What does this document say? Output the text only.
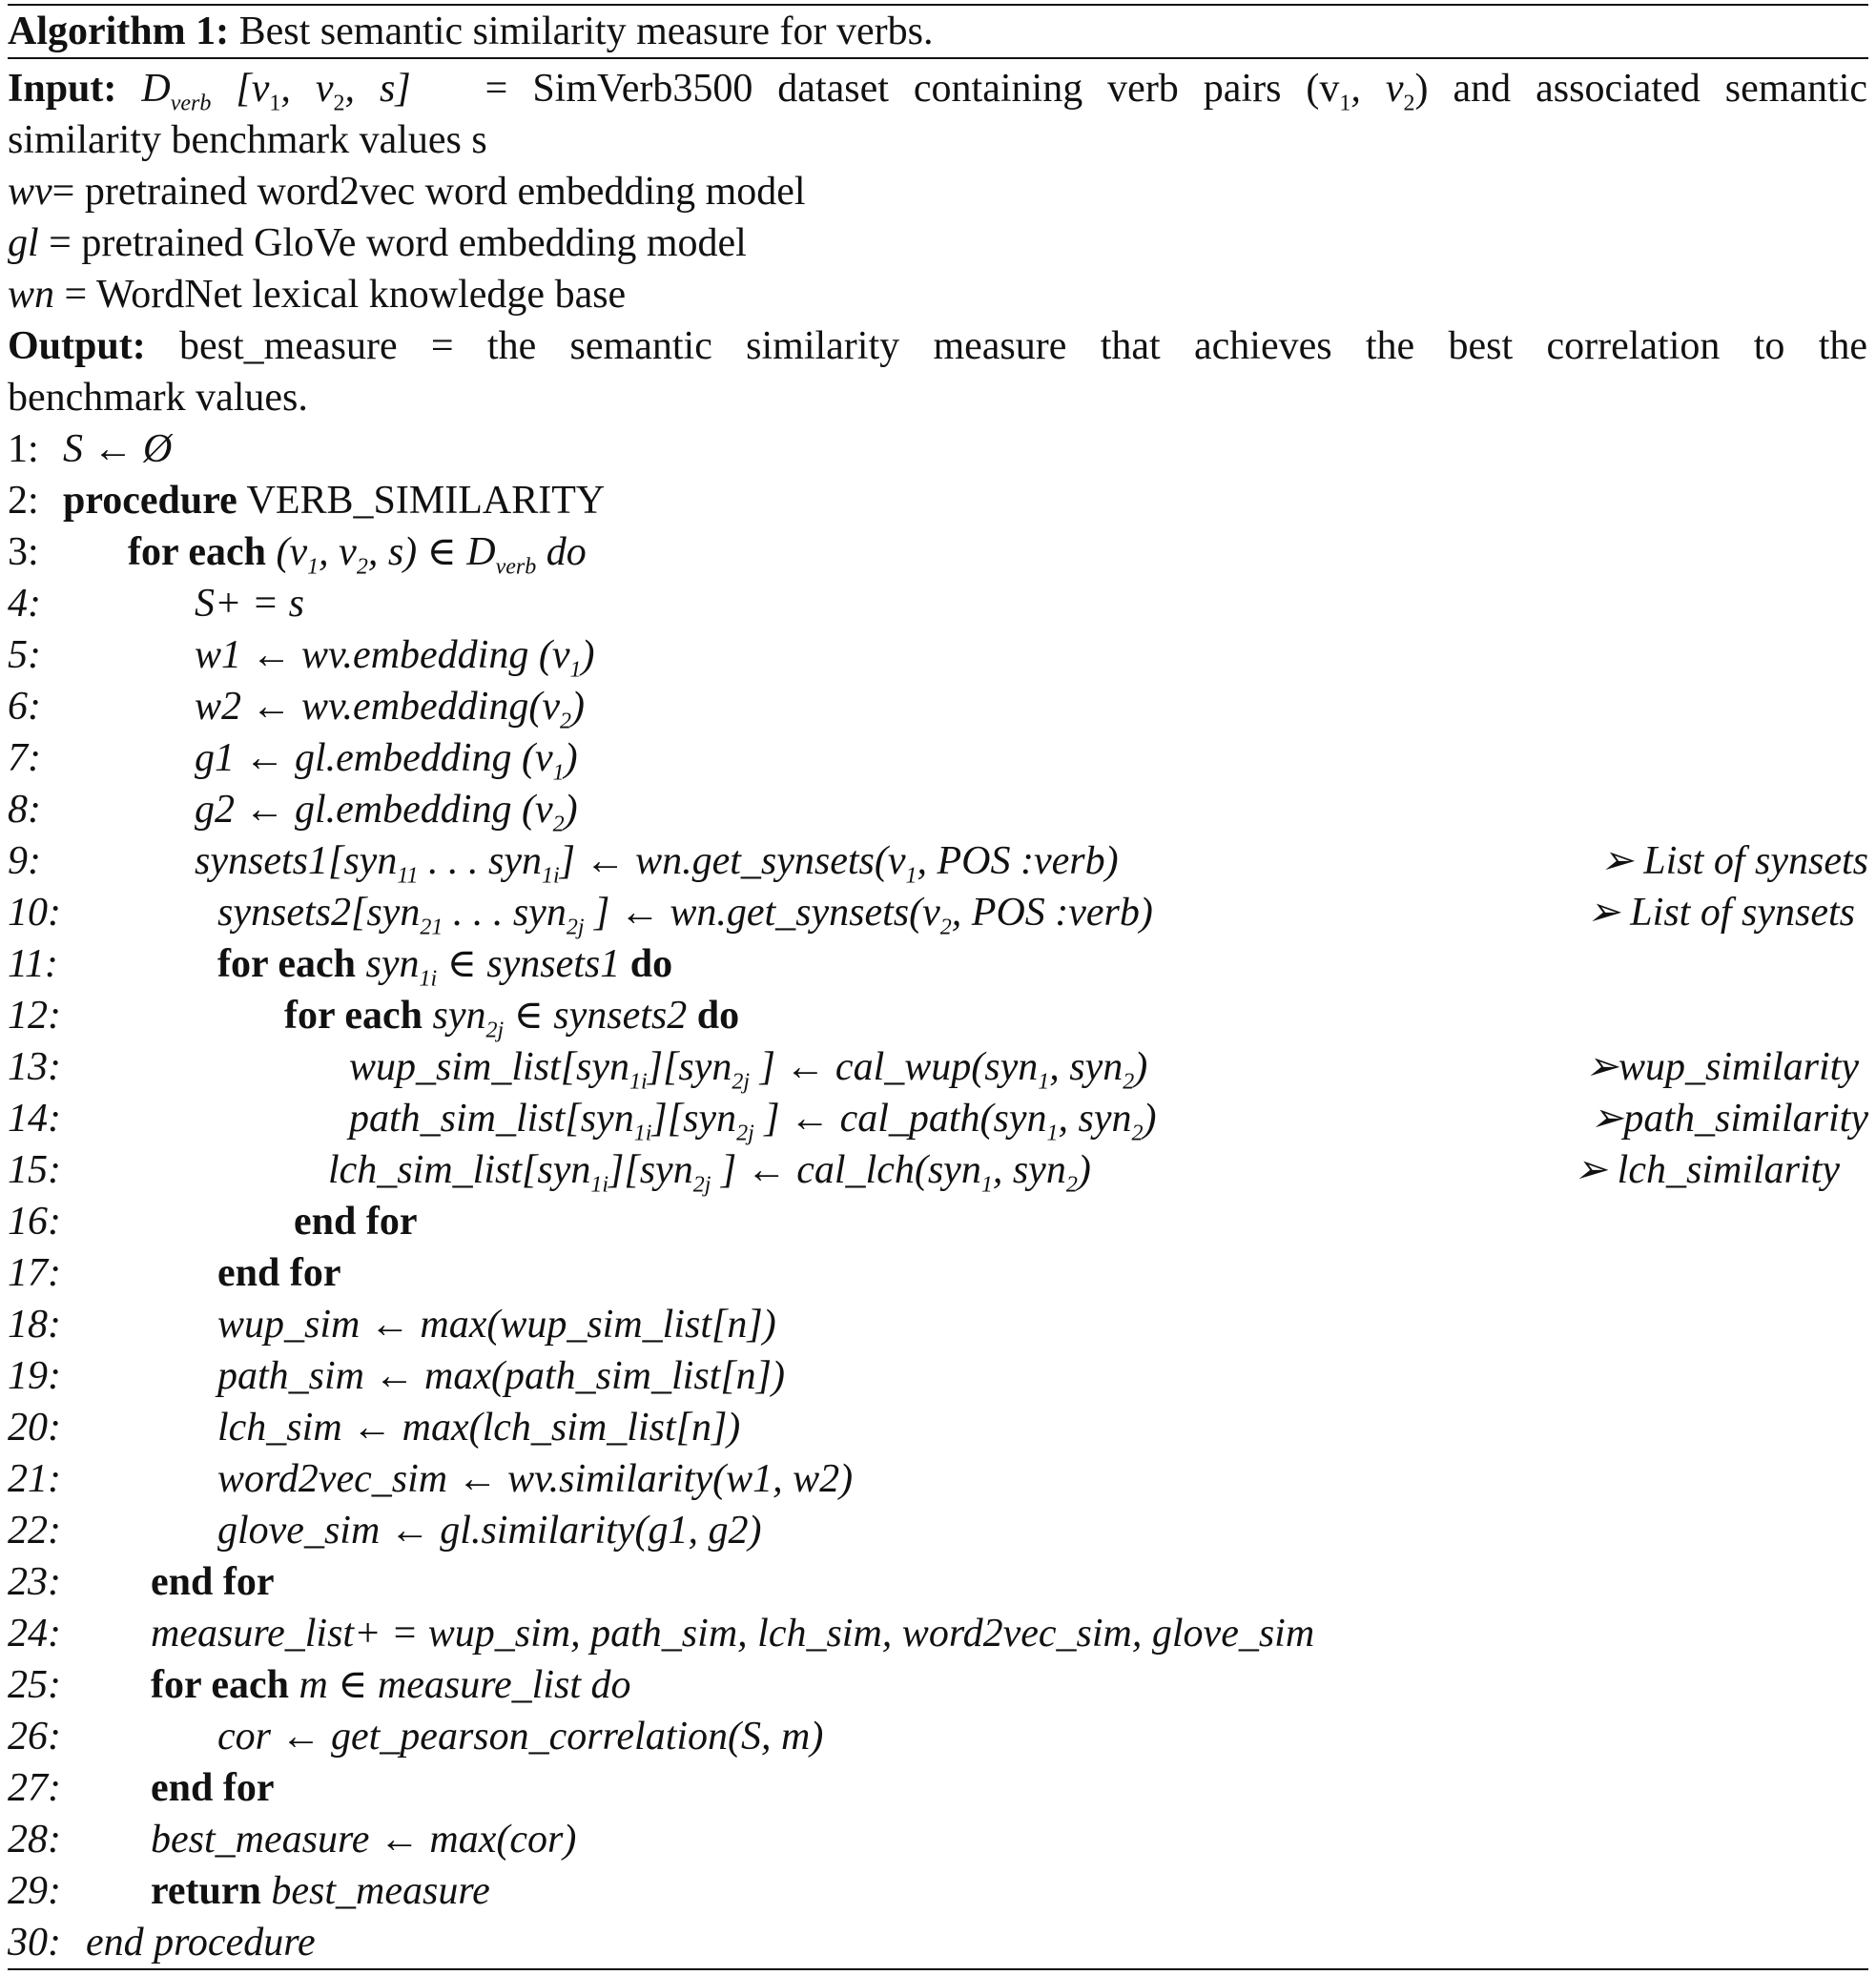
Algorithm 1: Best semantic similarity measure for verbs.
Input: $D_{verb}$ [$v_1$, $v_2$, s] = SimVerb3500 dataset containing verb pairs ($v_1$, $v_2$) and associated semantic
similarity benchmark values s
wv= pretrained word2vec word embedding model
gl = pretrained GloVe word embedding model
wn = WordNet lexical knowledge base
Output: best_measure = the semantic similarity measure that achieves the best correlation to the
benchmark values.
1: S ← Ø
2: procedure VERB_SIMILARITY
3: for each ($v_1$, $v_2$, s) ∈ $D_{verb}$ do
4:	S+ = s
5:	w1 ← wv.embedding $(v_1)$
6:	w2 ← $wv.embedding(v_2)$
7:	g1 ← gl.embedding $(v_1)$
8:	g2 ← gl.embedding $(v_2)$
9:	synsets1[syn$_{11}$ . . . syn$_{1i}$] ← $wn.get\_synsets(v_1$, POS :verb)	➢ List of synsets
10:	synsets2[syn$_{21}$ . . . syn$_{2j}$ ] ← $wn.get\_synsets(v_2$, POS :verb)	➢ List of synsets
11:	for each syn$_{1i}$ ∈ synsets1 do
12:	for each syn$_{2j}$ ∈ synsets2 do
13:	wup_sim_list[syn$_{1i}$][syn$_{2j}$ ] ← cal_wup(syn$_1$, syn$_2$)	➢wup_similarity
14:	path_sim_list[syn$_{1i}$][syn$_{2j}$ ] ← cal_path(syn$_1$, syn$_2$)	➢path_similarity
15:	lch_sim_list[syn$_{1i}$][syn$_{2j}$ ] ← cal_lch(syn$_1$, syn$_2$)	➢ lch_similarity
16:	end for
17:	end for
18:	wup_sim ← max(wup_sim_list[n])
19:	path_sim ← max(path_sim_list[n])
20:	lch_sim ← max(lch_sim_list[n])
21:	word2vec_sim ← wv.similarity(w1, w2)
22:	glove_sim ← gl.similarity(g1, g2)
23: end for
24: measure_list+ = wup_sim, path_sim, lch_sim, word2vec_sim, glove_sim
25: for each m ∈ measure_list do
26:	cor ← get_pearson_correlation(S, m)
27: end for
28: best_measure ← max(cor)
29: return best_measure
30: end procedure
